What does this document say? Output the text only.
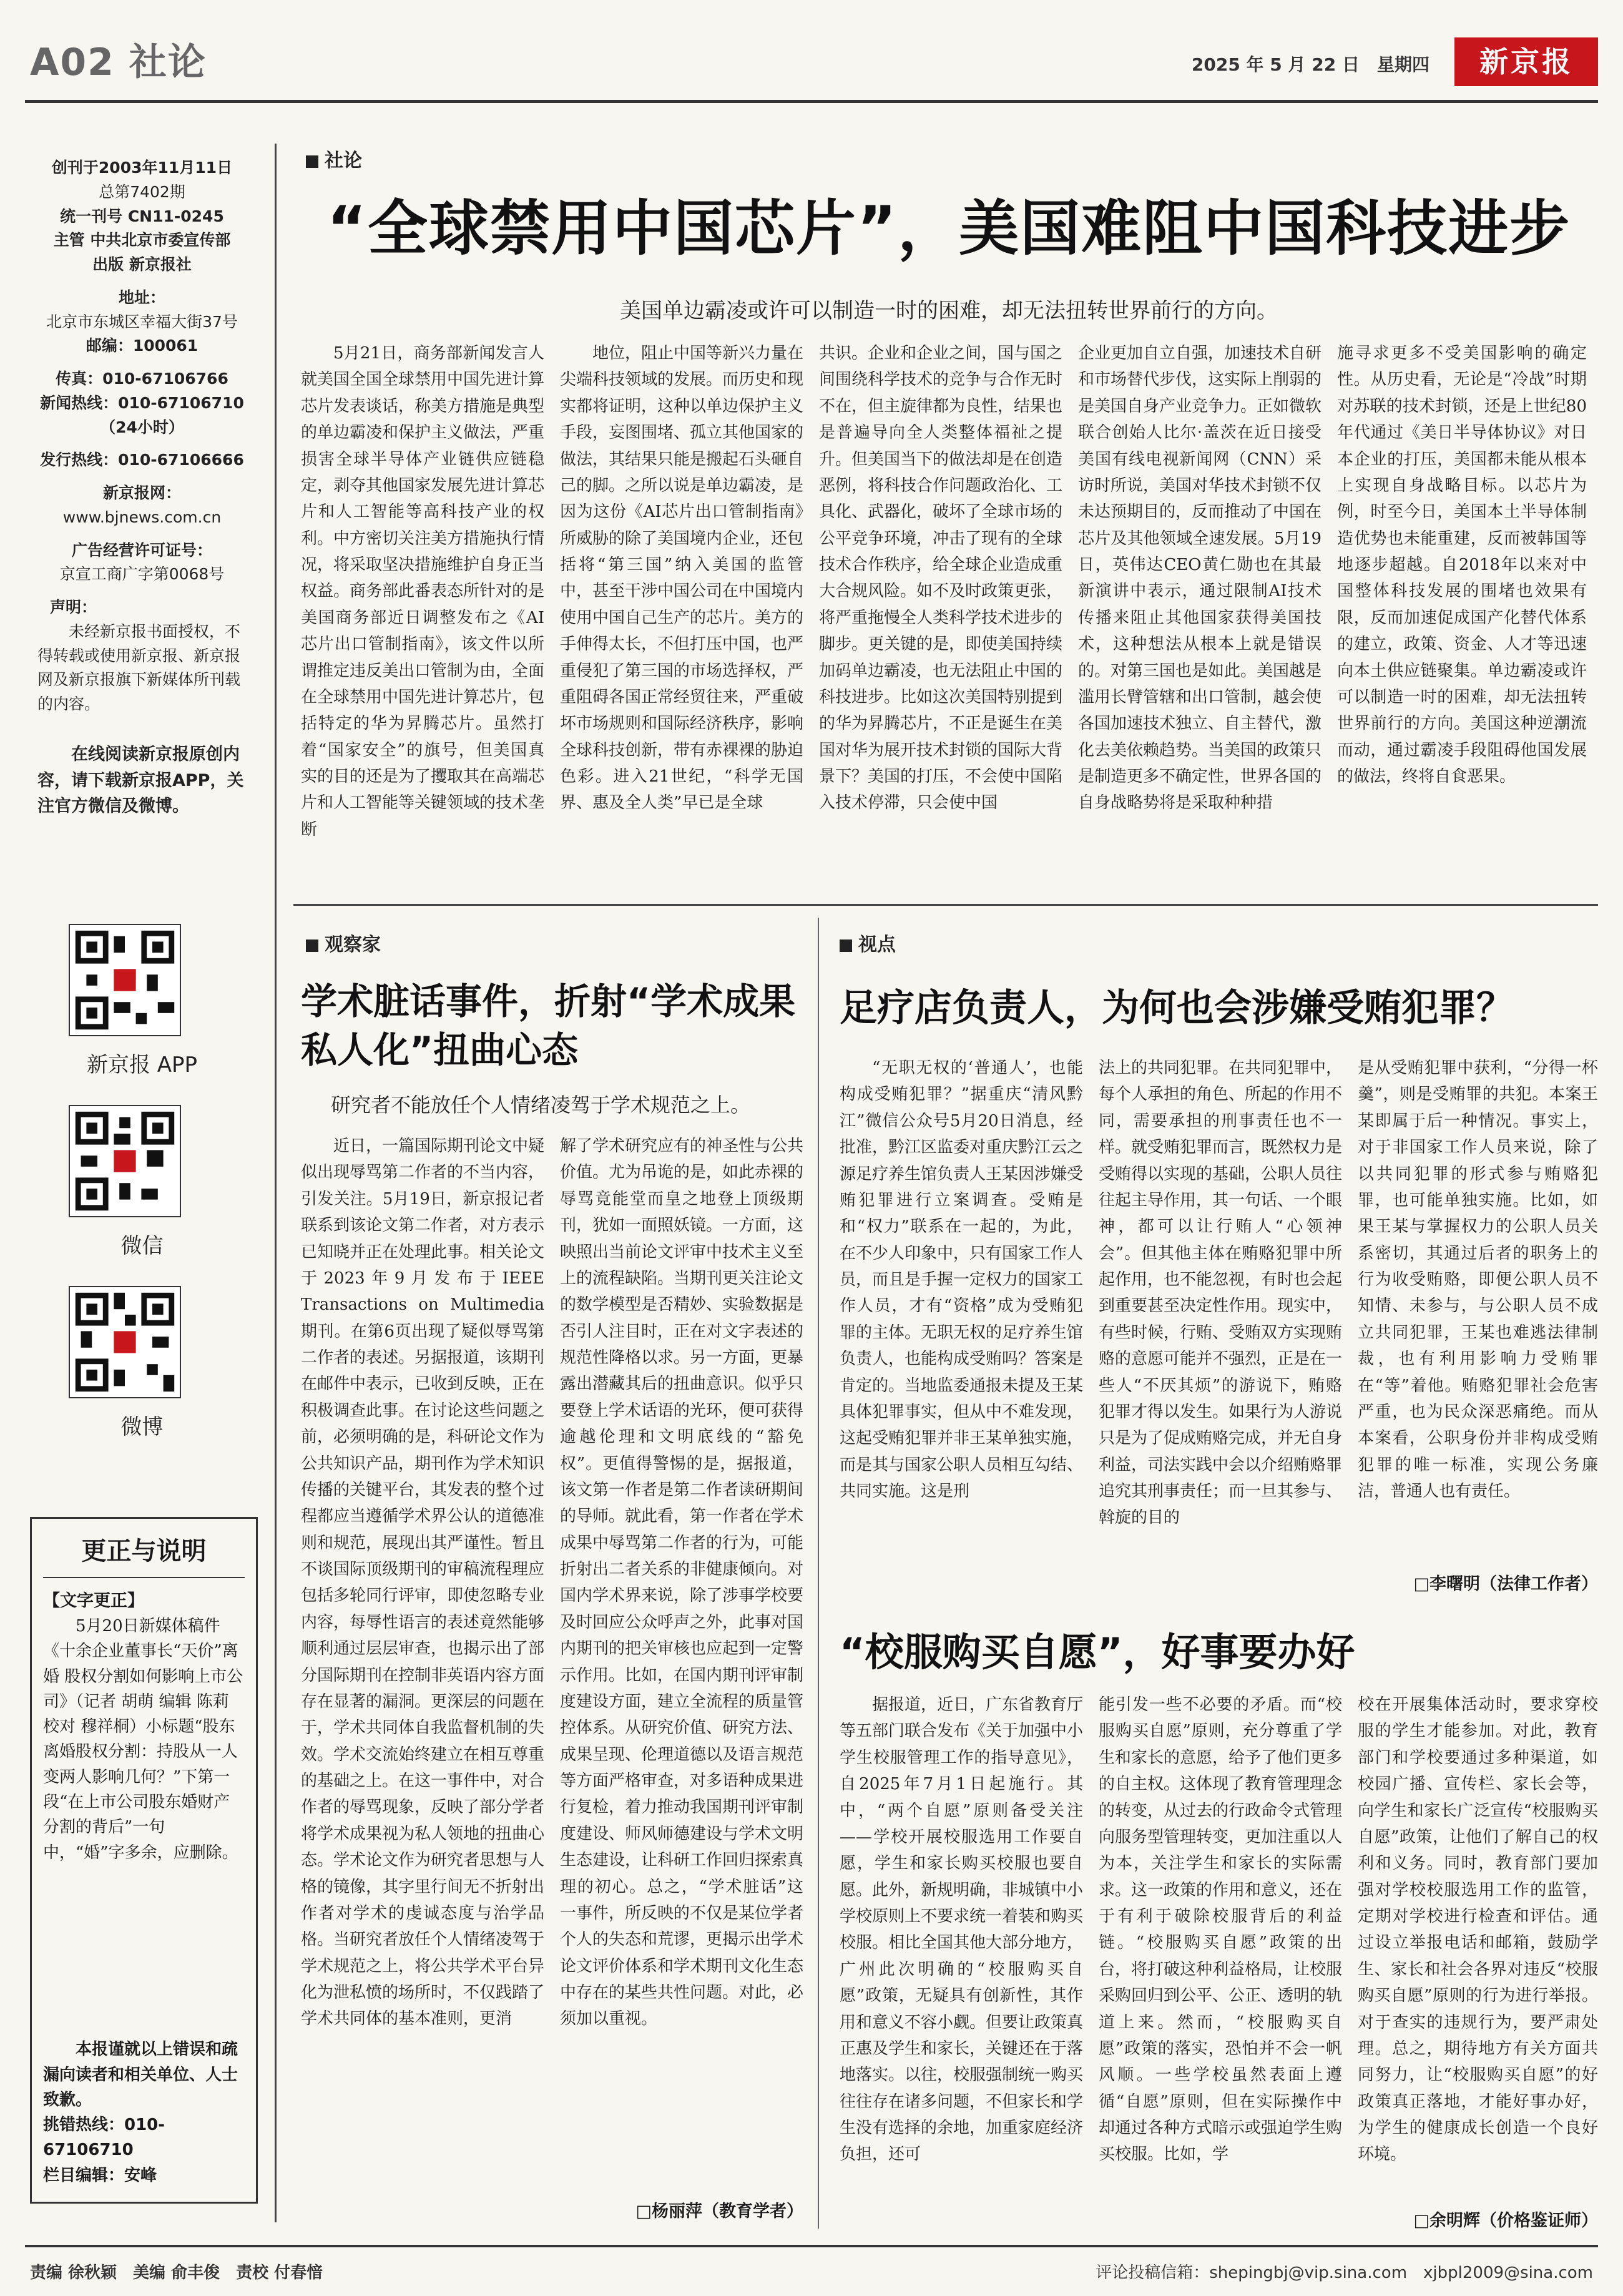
A02 社论	2025 年 5 月 22 日　星期四	新京报

创刊于2003年11月11日

总第7402期

统一刊号 CN11-0245

主管 中共北京市委宣传部

出版 新京报社

地址：

北京市东城区幸福大街37号

邮编：100061

传真：010-67106766

新闻热线：010-67106710

（24小时）

发行热线：010-67106666

新京报网：

www.bjnews.com.cn

广告经营许可证号：

京宣工商广字第0068号

声明：

未经新京报书面授权，不得转载或使用新京报、新京报网及新京报旗下新媒体所刊载的内容。

在线阅读新京报原创内容，请下载新京报APP，关注官方微信及微博。

新京报 APP
微信
微博
更正与说明
【文字更正】
5月20日新媒体稿件《十余企业董事长“天价”离婚 股权分割如何影响上市公司》（记者 胡萌 编辑 陈莉 校对 穆祥桐）小标题“股东离婚股权分割：持股从一人变两人影响几何？”下第一段“在上市公司股东婚财产分割的背后”一句中，“婚”字多余，应删除。
本报谨就以上错误和疏漏向读者和相关单位、人士致歉。
挑错热线：010-67106710
栏目编辑：安峰
社论
“全球禁用中国芯片”，美国难阻中国科技进步
美国单边霸凌或许可以制造一时的困难，却无法扭转世界前行的方向。
5月21日，商务部新闻发言人就美国全国全球禁用中国先进计算芯片发表谈话，称美方措施是典型的单边霸凌和保护主义做法，严重损害全球半导体产业链供应链稳定，剥夺其他国家发展先进计算芯片和人工智能等高科技产业的权利。中方密切关注美方措施执行情况，将采取坚决措施维护自身正当权益。商务部此番表态所针对的是美国商务部近日调整发布之《AI芯片出口管制指南》，该文件以所谓推定违反美出口管制为由，全面在全球禁用中国先进计算芯片，包括特定的华为昇腾芯片。虽然打着“国家安全”的旗号，但美国真实的目的还是为了攫取其在高端芯片和人工智能等关键领域的技术垄断
地位，阻止中国等新兴力量在尖端科技领域的发展。而历史和现实都将证明，这种以单边保护主义手段，妄图围堵、孤立其他国家的做法，其结果只能是搬起石头砸自己的脚。之所以说是单边霸凌，是因为这份《AI芯片出口管制指南》所威胁的除了美国境内企业，还包括将“第三国”纳入美国的监管中，甚至干涉中国公司在中国境内使用中国自己生产的芯片。美方的手伸得太长，不但打压中国，也严重侵犯了第三国的市场选择权，严重阻碍各国正常经贸往来，严重破坏市场规则和国际经济秩序，影响全球科技创新，带有赤裸裸的胁迫色彩。进入21世纪，“科学无国界、惠及全人类”早已是全球
共识。企业和企业之间，国与国之间围绕科学技术的竞争与合作无时不在，但主旋律都为良性，结果也是普遍导向全人类整体福祉之提升。但美国当下的做法却是在创造恶例，将科技合作问题政治化、工具化、武器化，破坏了全球市场的公平竞争环境，冲击了现有的全球技术合作秩序，给全球企业造成重大合规风险。如不及时政策更张，将严重拖慢全人类科学技术进步的脚步。更关键的是，即使美国持续加码单边霸凌，也无法阻止中国的科技进步。比如这次美国特别提到的华为昇腾芯片，不正是诞生在美国对华为展开技术封锁的国际大背景下？美国的打压，不会使中国陷入技术停滞，只会使中国
企业更加自立自强，加速技术自研和市场替代步伐，这实际上削弱的是美国自身产业竞争力。正如微软联合创始人比尔·盖茨在近日接受美国有线电视新闻网（CNN）采访时所说，美国对华技术封锁不仅未达预期目的，反而推动了中国在芯片及其他领域全速发展。5月19日，英伟达CEO黄仁勋也在其最新演讲中表示，通过限制AI技术传播来阻止其他国家获得美国技术，这种想法从根本上就是错误的。对第三国也是如此。美国越是滥用长臂管辖和出口管制，越会使各国加速技术独立、自主替代，激化去美依赖趋势。当美国的政策只是制造更多不确定性，世界各国的自身战略势将是采取种种措
施寻求更多不受美国影响的确定性。从历史看，无论是“冷战”时期对苏联的技术封锁，还是上世纪80年代通过《美日半导体协议》对日本企业的打压，美国都未能从根本上实现自身战略目标。以芯片为例，时至今日，美国本土半导体制造优势也未能重建，反而被韩国等地逐步超越。自2018年以来对中国整体科技发展的围堵也效果有限，反而加速促成国产化替代体系的建立，政策、资金、人才等迅速向本土供应链聚集。单边霸凌或许可以制造一时的困难，却无法扭转世界前行的方向。美国这种逆潮流而动，通过霸凌手段阻碍他国发展的做法，终将自食恶果。
观察家
学术脏话事件，折射“学术成果私人化”扭曲心态
研究者不能放任个人情绪凌驾于学术规范之上。
近日，一篇国际期刊论文中疑似出现辱骂第二作者的不当内容，引发关注。5月19日，新京报记者联系到该论文第二作者，对方表示已知晓并正在处理此事。相关论文于2023年9月发布于IEEE Transactions on Multimedia期刊。在第6页出现了疑似辱骂第二作者的表述。另据报道，该期刊在邮件中表示，已收到反映，正在积极调查此事。在讨论这些问题之前，必须明确的是，科研论文作为公共知识产品，期刊作为学术知识传播的关键平台，其发表的整个过程都应当遵循学术界公认的道德准则和规范，展现出其严谨性。暂且不谈国际顶级期刊的审稿流程理应包括多轮同行评审，即使忽略专业内容，每辱性语言的表述竟然能够顺利通过层层审查，也揭示出了部分国际期刊在控制非英语内容方面存在显著的漏洞。更深层的问题在于，学术共同体自我监督机制的失效。学术交流始终建立在相互尊重的基础之上。在这一事件中，对合作者的辱骂现象，反映了部分学者将学术成果视为私人领地的扭曲心态。学术论文作为研究者思想与人格的镜像，其字里行间无不折射出作者对学术的虔诚态度与治学品格。当研究者放任个人情绪凌驾于学术规范之上，将公共学术平台异化为泄私愤的场所时，不仅践踏了学术共同体的基本准则，更消
解了学术研究应有的神圣性与公共价值。尤为吊诡的是，如此赤裸的辱骂竟能堂而皇之地登上顶级期刊，犹如一面照妖镜。一方面，这映照出当前论文评审中技术主义至上的流程缺陷。当期刊更关注论文的数学模型是否精妙、实验数据是否引人注目时，正在对文字表述的规范性降格以求。另一方面，更暴露出潜藏其后的扭曲意识。似乎只要登上学术话语的光环，便可获得逾越伦理和文明底线的“豁免权”。更值得警惕的是，据报道，该文第一作者是第二作者读研期间的导师。就此看，第一作者在学术成果中辱骂第二作者的行为，可能折射出二者关系的非健康倾向。对国内学术界来说，除了涉事学校要及时回应公众呼声之外，此事对国内期刊的把关审核也应起到一定警示作用。比如，在国内期刊评审制度建设方面，建立全流程的质量管控体系。从研究价值、研究方法、成果呈现、伦理道德以及语言规范等方面严格审查，对多语种成果进行复检，着力推动我国期刊评审制度建设、师风师德建设与学术文明生态建设，让科研工作回归探索真理的初心。总之，“学术脏话”这一事件，所反映的不仅是某位学者个人的失态和荒谬，更揭示出学术论文评价体系和学术期刊文化生态中存在的某些共性问题。对此，必须加以重视。
□杨丽萍（教育学者）
视点
足疗店负责人，为何也会涉嫌受贿犯罪？
“无职无权的‘普通人’，也能构成受贿犯罪？”据重庆“清风黔江”微信公众号5月20日消息，经批准，黔江区监委对重庆黔江云之源足疗养生馆负责人王某因涉嫌受贿犯罪进行立案调查。受贿是和“权力”联系在一起的，为此，在不少人印象中，只有国家工作人员，而且是手握一定权力的国家工作人员，才有“资格”成为受贿犯罪的主体。无职无权的足疗养生馆负责人，也能构成受贿吗？答案是肯定的。当地监委通报未提及王某具体犯罪事实，但从中不难发现，这起受贿犯罪并非王某单独实施，而是其与国家公职人员相互勾结、共同实施。这是刑
法上的共同犯罪。在共同犯罪中，每个人承担的角色、所起的作用不同，需要承担的刑事责任也不一样。就受贿犯罪而言，既然权力是受贿得以实现的基础，公职人员往往起主导作用，其一句话、一个眼神，都可以让行贿人“心领神会”。但其他主体在贿赂犯罪中所起作用，也不能忽视，有时也会起到重要甚至决定性作用。现实中，有些时候，行贿、受贿双方实现贿赂的意愿可能并不强烈，正是在一些人“不厌其烦”的游说下，贿赂犯罪才得以发生。如果行为人游说只是为了促成贿赂完成，并无自身利益，司法实践中会以介绍贿赂罪追究其刑事责任；而一旦其参与、斡旋的目的
是从受贿犯罪中获利，“分得一杯羹”，则是受贿罪的共犯。本案王某即属于后一种情况。事实上，对于非国家工作人员来说，除了以共同犯罪的形式参与贿赂犯罪，也可能单独实施。比如，如果王某与掌握权力的公职人员关系密切，其通过后者的职务上的行为收受贿赂，即便公职人员不知情、未参与，与公职人员不成立共同犯罪，王某也难逃法律制裁，也有利用影响力受贿罪在“等”着他。贿赂犯罪社会危害严重，也为民众深恶痛绝。而从本案看，公职身份并非构成受贿犯罪的唯一标准，实现公务廉洁，普通人也有责任。
□李曙明（法律工作者）
“校服购买自愿”，好事要办好
据报道，近日，广东省教育厅等五部门联合发布《关于加强中小学生校服管理工作的指导意见》，自2025年7月1日起施行。其中，“两个自愿”原则备受关注——学校开展校服选用工作要自愿，学生和家长购买校服也要自愿。此外，新规明确，非城镇中小学校原则上不要求统一着装和购买校服。相比全国其他大部分地方，广州此次明确的“校服购买自愿”政策，无疑具有创新性，其作用和意义不容小觑。但要让政策真正惠及学生和家长，关键还在于落地落实。以往，校服强制统一购买往往存在诸多问题，不但家长和学生没有选择的余地，加重家庭经济负担，还可
能引发一些不必要的矛盾。而“校服购买自愿”原则，充分尊重了学生和家长的意愿，给予了他们更多的自主权。这体现了教育管理理念的转变，从过去的行政命令式管理向服务型管理转变，更加注重以人为本，关注学生和家长的实际需求。这一政策的作用和意义，还在于有利于破除校服背后的利益链。“校服购买自愿”政策的出台，将打破这种利益格局，让校服采购回归到公平、公正、透明的轨道上来。然而，“校服购买自愿”政策的落实，恐怕并不会一帆风顺。一些学校虽然表面上遵循“自愿”原则，但在实际操作中却通过各种方式暗示或强迫学生购买校服。比如，学
校在开展集体活动时，要求穿校服的学生才能参加。对此，教育部门和学校要通过多种渠道，如校园广播、宣传栏、家长会等，向学生和家长广泛宣传“校服购买自愿”政策，让他们了解自己的权利和义务。同时，教育部门要加强对学校校服选用工作的监管，定期对学校进行检查和评估。通过设立举报电话和邮箱，鼓励学生、家长和社会各界对违反“校服购买自愿”原则的行为进行举报。对于查实的违规行为，要严肃处理。总之，期待地方有关方面共同努力，让“校服购买自愿”的好政策真正落地，才能好事办好，为学生的健康成长创造一个良好环境。
□余明辉（价格鉴证师）
责编 徐秋颖　美编 俞丰俊　责校 付春愔	评论投稿信箱：shepingbj@vip.sina.com　xjbpl2009@sina.com
